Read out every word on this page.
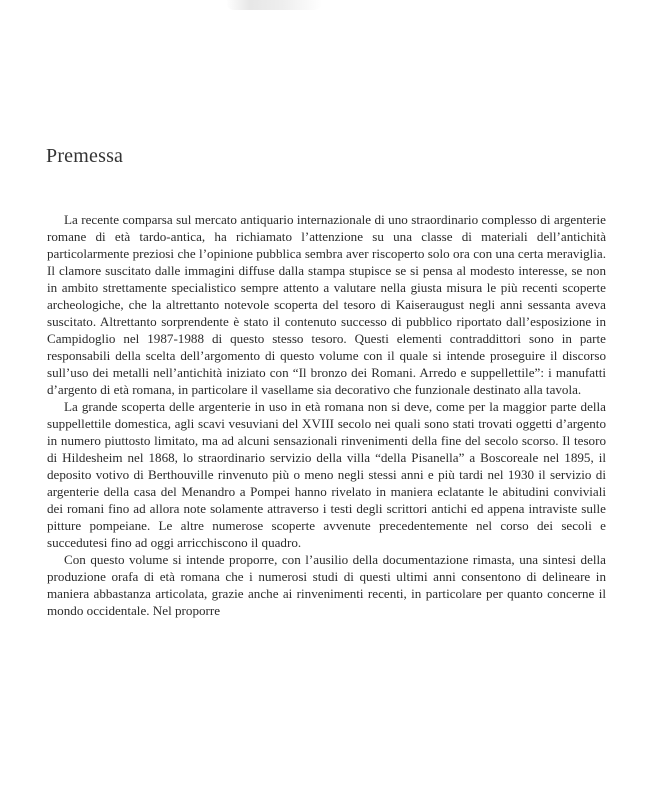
Premessa

La recente comparsa sul mercato antiquario internazionale di uno straordinario complesso di argenterie romane di età tardo-antica, ha richiamato l’attenzione su una classe di materiali dell’antichità particolarmente preziosi che l’opinione pubblica sembra aver riscoperto solo ora con una certa meraviglia. Il clamore suscitato dalle immagini diffuse dalla stampa stupisce se si pensa al modesto interesse, se non in ambito strettamente specialistico sempre attento a valutare nella giusta misura le più recenti scoperte archeologiche, che la altrettanto notevole scoperta del tesoro di Kaiseraugust negli anni sessanta aveva suscitato. Altrettanto sorprendente è stato il contenuto successo di pubblico riportato dall’esposizione in Campidoglio nel 1987-1988 di questo stesso tesoro. Questi elementi contraddittori sono in parte responsabili della scelta dell’argomento di questo volume con il quale si intende proseguire il discorso sull’uso dei metalli nell’antichità iniziato con “Il bronzo dei Romani. Arredo e suppellettile”: i manufatti d’argento di età romana, in particolare il vasellame sia decorativo che funzionale destinato alla tavola.

La grande scoperta delle argenterie in uso in età romana non si deve, come per la maggior parte della suppellettile domestica, agli scavi vesuviani del XVIII secolo nei quali sono stati trovati oggetti d’argento in numero piuttosto limitato, ma ad alcuni sensazionali rinvenimenti della fine del secolo scorso. Il tesoro di Hildesheim nel 1868, lo straordinario servizio della villa “della Pisanella” a Boscoreale nel 1895, il deposito votivo di Berthouville rinvenuto più o meno negli stessi anni e più tardi nel 1930 il servizio di argenterie della casa del Menandro a Pompei hanno rivelato in maniera eclatante le abitudini conviviali dei romani fino ad allora note solamente attraverso i testi degli scrittori antichi ed appena intraviste sulle pitture pompeiane. Le altre numerose scoperte avvenute precedentemente nel corso dei secoli e succedutesi fino ad oggi arricchiscono il quadro.

Con questo volume si intende proporre, con l’ausilio della documentazione rimasta, una sintesi della produzione orafa di età romana che i numerosi studi di questi ultimi anni consentono di delineare in maniera abbastanza articolata, grazie anche ai rinvenimenti recenti, in particolare per quanto concerne il mondo occidentale. Nel proporre
